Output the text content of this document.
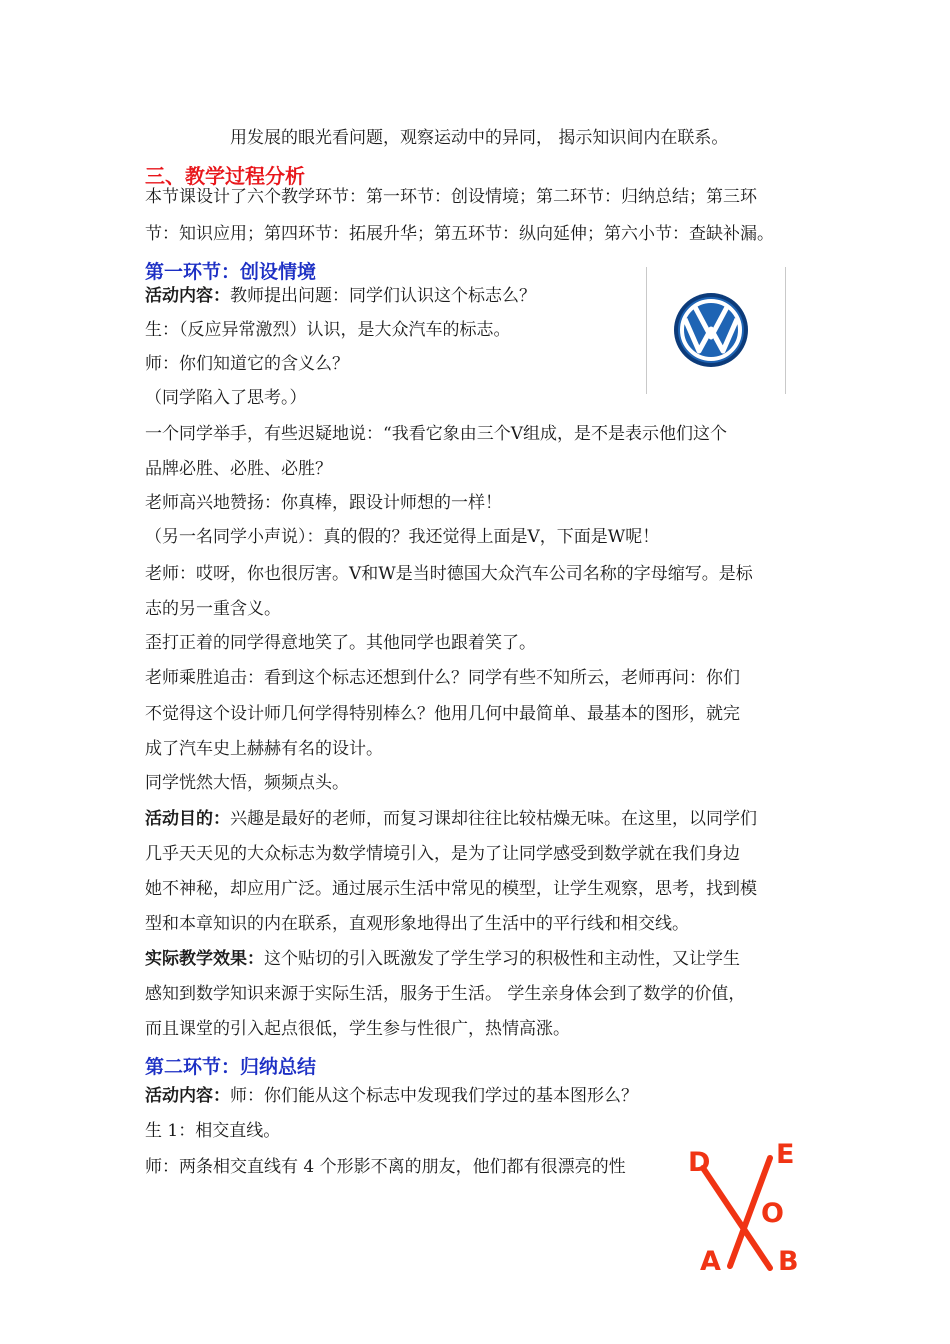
用发展的眼光看问题，观察运动中的异同， 揭示知识间内在联系。
三、教学过程分析
本节课设计了六个教学环节：第一环节：创设情境；第二环节：归纳总结；第三环
节：知识应用；第四环节：拓展升华；第五环节：纵向延伸；第六小节：查缺补漏。
第一环节：创设情境
活动内容：教师提出问题：同学们认识这个标志么？
生：（反应异常激烈）认识，是大众汽车的标志。
师：你们知道它的含义么？
（同学陷入了思考。）
一个同学举手，有些迟疑地说：“我看它象由三个V组成，是不是表示他们这个
品牌必胜、必胜、必胜？
老师高兴地赞扬：你真棒，跟设计师想的一样！
（另一名同学小声说）：真的假的？我还觉得上面是V，下面是W呢！
老师：哎呀，你也很厉害。V和W是当时德国大众汽车公司名称的字母缩写。是标
志的另一重含义。
歪打正着的同学得意地笑了。其他同学也跟着笑了。
老师乘胜追击：看到这个标志还想到什么？同学有些不知所云，老师再问：你们
不觉得这个设计师几何学得特别棒么？他用几何中最简单、最基本的图形，就完
成了汽车史上赫赫有名的设计。
同学恍然大悟，频频点头。
活动目的：兴趣是最好的老师，而复习课却往往比较枯燥无味。在这里，以同学们
几乎天天见的大众标志为数学情境引入，是为了让同学感受到数学就在我们身边
她不神秘，却应用广泛。通过展示生活中常见的模型，让学生观察，思考，找到模
型和本章知识的内在联系，直观形象地得出了生活中的平行线和相交线。
实际教学效果：这个贴切的引入既激发了学生学习的积极性和主动性，又让学生
感知到数学知识来源于实际生活，服务于生活。 学生亲身体会到了数学的价值，
而且课堂的引入起点很低，学生参与性很广，热情高涨。
第二环节：归纳总结
活动内容：师：你们能从这个标志中发现我们学过的基本图形么？
生 1：相交直线。
师：两条相交直线有 4 个形影不离的朋友，他们都有很漂亮的性 D E
O
A B
